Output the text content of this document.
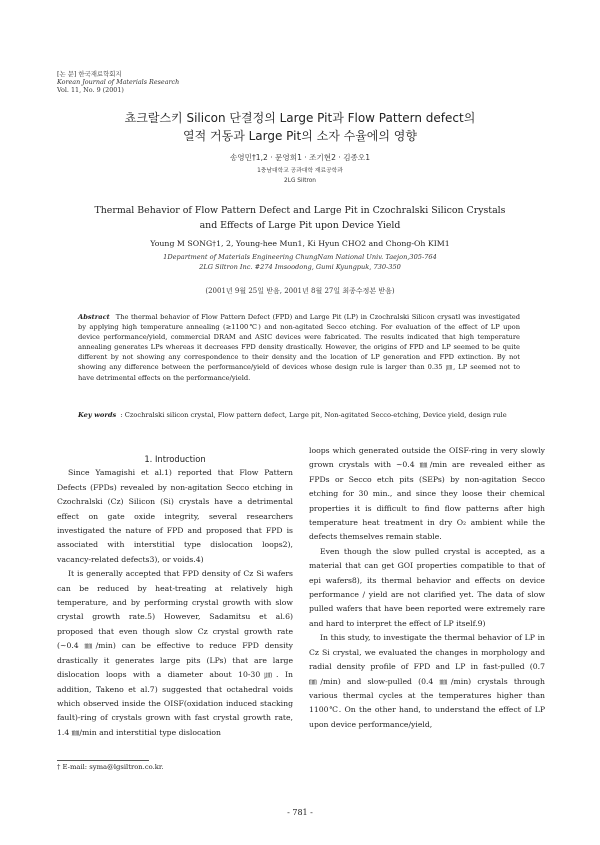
[논 문] 한국재료학회지
Korean Journal of Materials Research
Vol. 11, No. 9 (2001)
쵸크랄스키 Silicon 단결정의 Large Pit과 Flow Pattern defect의
열적 거동과 Large Pit의 소자 수율에의 영향
송영민†1,2 · 문영희1 · 조기현2 · 김종오1
1충남대학교 공과대학 재료공학과
2LG Siltron
Thermal Behavior of Flow Pattern Defect and Large Pit in Czochralski Silicon Crystals
and Effects of Large Pit upon Device Yield
Young M SONG†1, 2, Young-hee Mun1, Ki Hyun CHO2 and Chong-Oh KIM1
1Department of Materials Engineering ChungNam National Univ. Taejon,305-764
2LG Siltron Inc. #274 Imsoodong, Gumi Kyungpuk, 730-350
(2001년 9월 25일 받음, 2001년 8월 27일 최종수정본 받음)
Abstract The thermal behavior of Flow Pattern Defect (FPD) and Large Pit (LP) in Czochralski Silicon crysatl was investigated by applying high temperature annealing (≥1100℃) and non-agitated Secco etching. For evaluation of the effect of LP upon device performance/yield, commercial DRAM and ASIC devices were fabricated. The results indicated that high temperature annealing generates LPs whereas it decreases FPD density drastically. However, the origins of FPD and LP seemed to be quite different by not showing any correspondence to their density and the location of LP generation and FPD extinction. By not showing any difference between the performance/yield of devices whose design rule is larger than 0.35 ㎛, LP seemed not to have detrimental effects on the performance/yield.
Key words : Czochralski silicon crystal, Flow pattern defect, Large pit, Non-agitated Secco-etching, Device yield, design rule

1. Introduction

Since Yamagishi et al.1) reported that Flow Pattern Defects (FPDs) revealed by non-agitation Secco etching in Czochralski (Cz) Silicon (Si) crystals have a detrimental effect on gate oxide integrity, several researchers investigated the nature of FPD and proposed that FPD is associated with interstitial type dislocation loops2), vacancy-related defects3), or voids.4)

It is generally accepted that FPD density of Cz Si wafers can be reduced by heat-treating at relatively high temperature, and by performing crystal growth with slow crystal growth rate.5) However, Sadamitsu et al.6) proposed that even though slow Cz crystal growth rate (~0.4 ㎜/min) can be effective to reduce FPD density drastically it generates large pits (LPs) that are large dislocation loops with a diameter about 10-30㎛. In addition, Takeno et al.7) suggested that octahedral voids which observed inside the OISF(oxidation induced stacking fault)-ring of crystals grown with fast crystal growth rate, 1.4 ㎜/min and interstitial type dislocation

loops which generated outside the OISF-ring in very slowly grown crystals with ~0.4 ㎜/min are revealed either as FPDs or Secco etch pits (SEPs) by non-agitation Secco etching for 30 min., and since they loose their chemical properties it is difficult to find flow patterns after high temperature heat treatment in dry O₂ ambient while the defects themselves remain stable.

Even though the slow pulled crystal is accepted, as a material that can get GOI properties compatible to that of epi wafers8), its thermal behavior and effects on device performance / yield are not clarified yet. The data of slow pulled wafers that have been reported were extremely rare and hard to interpret the effect of LP itself.9)

In this study, to investigate the thermal behavior of LP in Cz Si crystal, we evaluated the changes in morphology and radial density profile of FPD and LP in fast-pulled (0.7 ㎜/min) and slow-pulled (0.4 ㎜/min) crystals through various thermal cycles at the temperatures higher than 1100℃. On the other hand, to understand the effect of LP upon device performance/yield,

† E-mail: syma@lgsiltron.co.kr.
- 781 -
